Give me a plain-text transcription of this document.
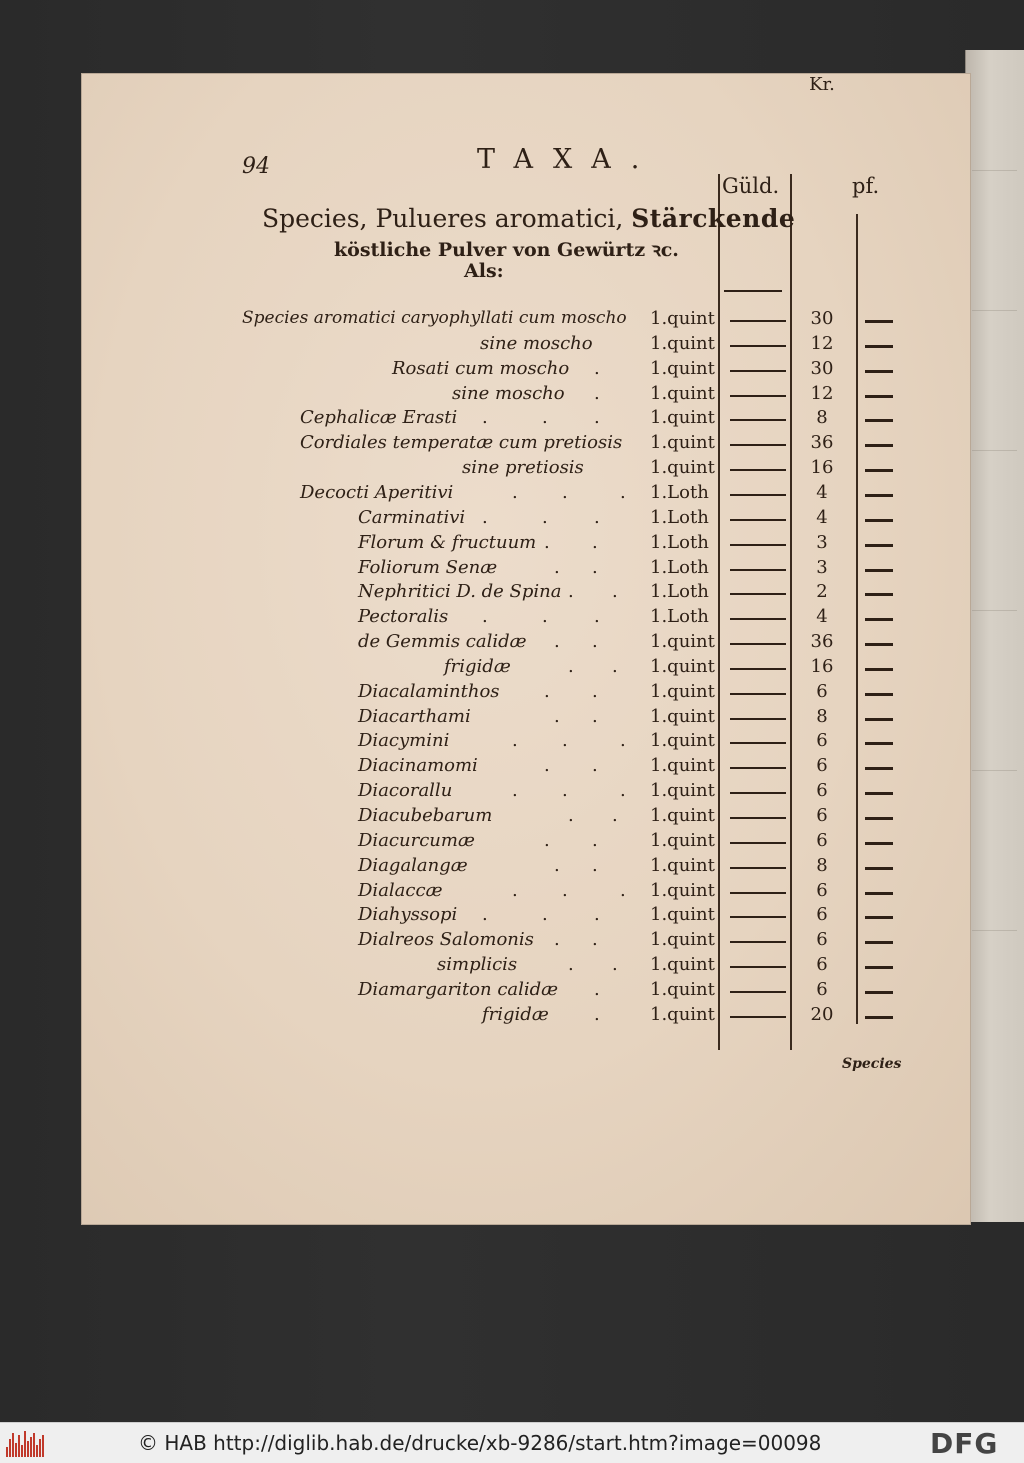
94	TAXA.
Güld.
Kr.
pf.
Species, Pulueres aromatici, Stärckende
köstliche Pulver von Gewürtz ꝛc.
Als:
Species aromatici caryophyllati cum moscho 1.quint	30
sine moscho	1.quint	12
Rosati cum moscho .	1.quint	30
sine moscho .	1.quint	12
Cephalicæ Erasti .	.	.	1.quint	8
Cordiales temperatæ cum pretiosis 1.quint	36
sine pretiosis	1.quint	16
Decocti Aperitivi	. .	. 1.Loth	4
Carminativi .	.	.	1.Loth	4
Florum & fructuum . .	1.Loth	3
Foliorum Senæ	. .	1.Loth	3
Nephritici D. de Spina . . 1.Loth	2
Pectoralis .	.	.	1.Loth	4
de Gemmis calidæ . .	1.quint	36
frigidæ	. . 1.quint	16
Diacalaminthos . .	1.quint	6
Diacarthami	. .	1.quint	8
Diacymini	. .	. 1.quint	6
Diacinamomi	. .	1.quint	6
Diacorallu	. .	. 1.quint	6
Diacubebarum	. . 1.quint	6
Diacurcumæ	. .	1.quint	6
Diagalangæ	. .	1.quint	8
Dialaccæ	. .	. 1.quint	6
Diahyssopi .	.	.	1.quint	6
Dialreos Salomonis . .	1.quint	6
simplicis	. . 1.quint	6
Diamargariton calidæ .	1.quint	6
frigidæ	.	1.quint	20
Species
© HAB http://diglib.hab.de/drucke/xb-9286/start.htm?image=00098	DFG
